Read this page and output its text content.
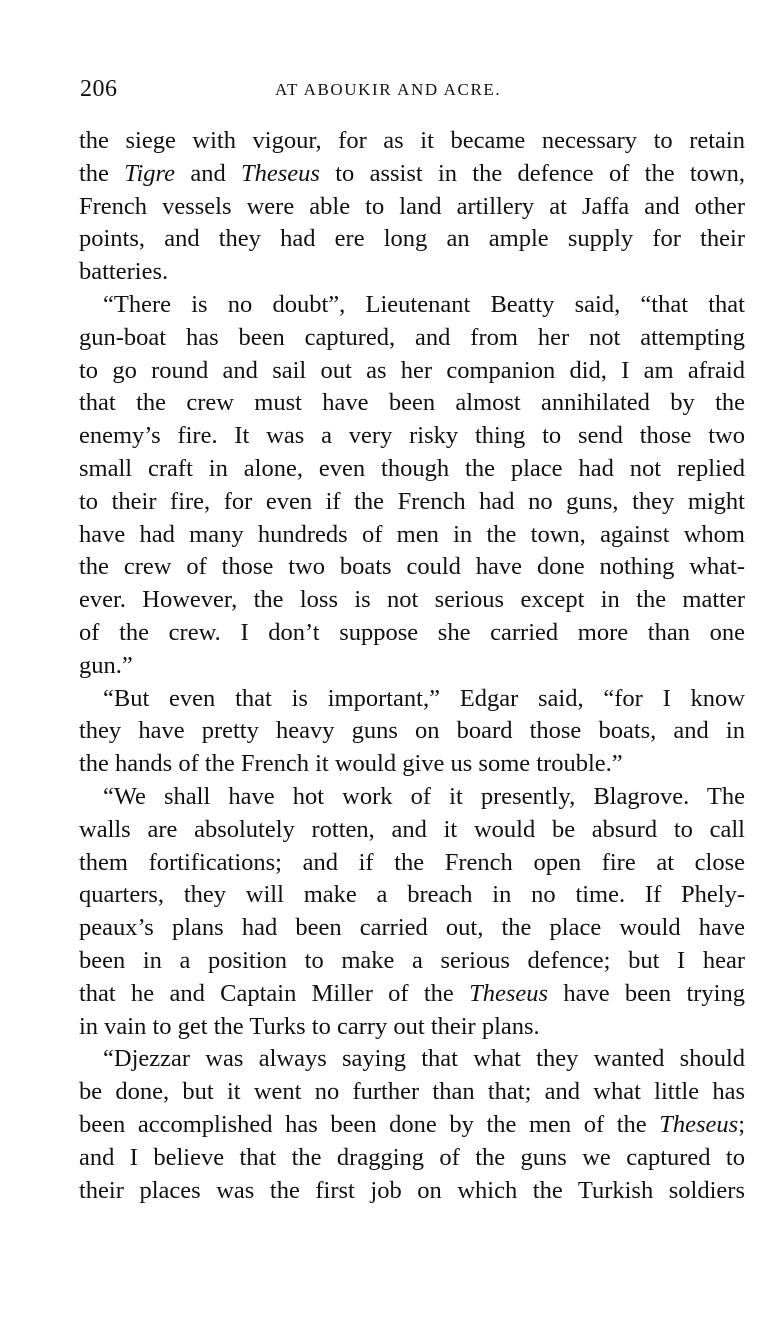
206	AT ABOUKIR AND ACRE.
the siege with vigour, for as it became necessary to retain
the Tigre and Theseus to assist in the defence of the town,
French vessels were able to land artillery at Jaffa and other
points, and they had ere long an ample supply for their
batteries.
“There is no doubt”, Lieutenant Beatty said, “that that
gun-boat has been captured, and from her not attempting
to go round and sail out as her companion did, I am afraid
that the crew must have been almost annihilated by the
enemy’s fire. It was a very risky thing to send those two
small craft in alone, even though the place had not replied
to their fire, for even if the French had no guns, they might
have had many hundreds of men in the town, against whom
the crew of those two boats could have done nothing what-
ever. However, the loss is not serious except in the matter
of the crew. I don’t suppose she carried more than one
gun.”
“But even that is important,” Edgar said, “for I know
they have pretty heavy guns on board those boats, and in
the hands of the French it would give us some trouble.”
“We shall have hot work of it presently, Blagrove. The
walls are absolutely rotten, and it would be absurd to call
them fortifications; and if the French open fire at close
quarters, they will make a breach in no time. If Phely-
peaux’s plans had been carried out, the place would have
been in a position to make a serious defence; but I hear
that he and Captain Miller of the Theseus have been trying
in vain to get the Turks to carry out their plans.
“Djezzar was always saying that what they wanted should
be done, but it went no further than that; and what little has
been accomplished has been done by the men of the Theseus;
and I believe that the dragging of the guns we captured to
their places was the first job on which the Turkish soldiers
